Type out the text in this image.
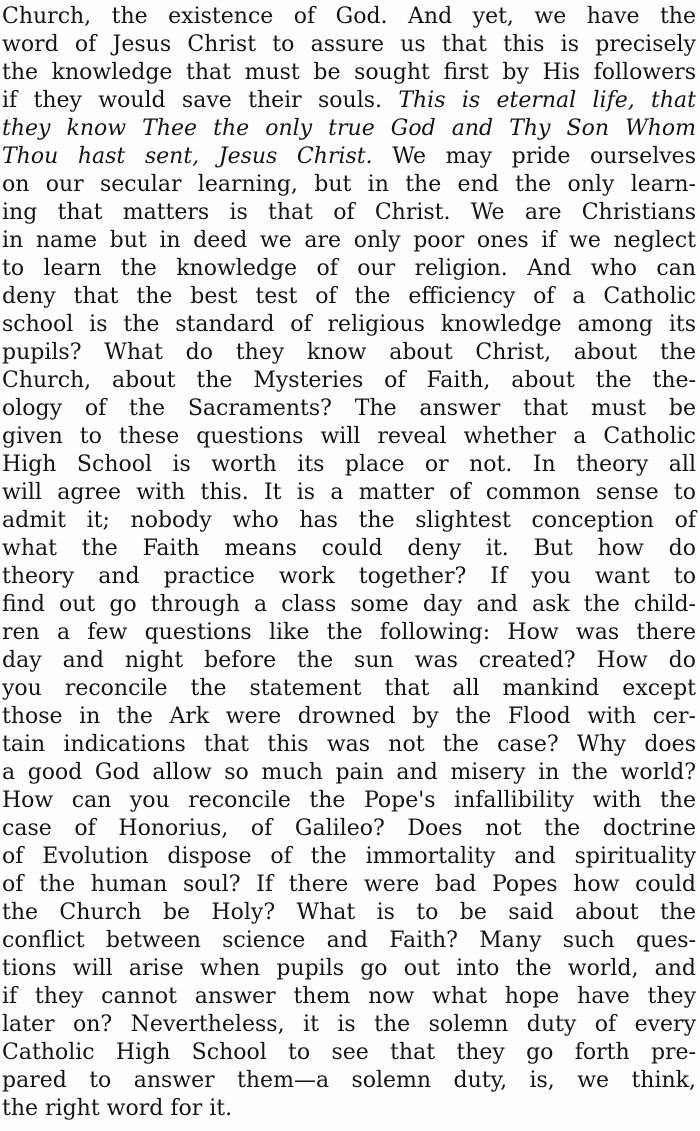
Church, the existence of God. And yet, we have the
word of Jesus Christ to assure us that this is precisely
the knowledge that must be sought first by His followers
if they would save their souls. This is eternal life, that
they know Thee the only true God and Thy Son Whom
Thou hast sent, Jesus Christ. We may pride ourselves
on our secular learning, but in the end the only learn-
ing that matters is that of Christ. We are Christians
in name but in deed we are only poor ones if we neglect
to learn the knowledge of our religion. And who can
deny that the best test of the efficiency of a Catholic
school is the standard of religious knowledge among its
pupils? What do they know about Christ, about the
Church, about the Mysteries of Faith, about the the-
ology of the Sacraments? The answer that must be
given to these questions will reveal whether a Catholic
High School is worth its place or not. In theory all
will agree with this. It is a matter of common sense to
admit it; nobody who has the slightest conception of
what the Faith means could deny it. But how do
theory and practice work together? If you want to
find out go through a class some day and ask the child-
ren a few questions like the following: How was there
day and night before the sun was created? How do
you reconcile the statement that all mankind except
those in the Ark were drowned by the Flood with cer-
tain indications that this was not the case? Why does
a good God allow so much pain and misery in the world?
How can you reconcile the Pope's infallibility with the
case of Honorius, of Galileo? Does not the doctrine
of Evolution dispose of the immortality and spirituality
of the human soul? If there were bad Popes how could
the Church be Holy? What is to be said about the
conflict between science and Faith? Many such ques-
tions will arise when pupils go out into the world, and
if they cannot answer them now what hope have they
later on? Nevertheless, it is the solemn duty of every
Catholic High School to see that they go forth pre-
pared to answer them—a solemn duty, is, we think,
the right word for it.
